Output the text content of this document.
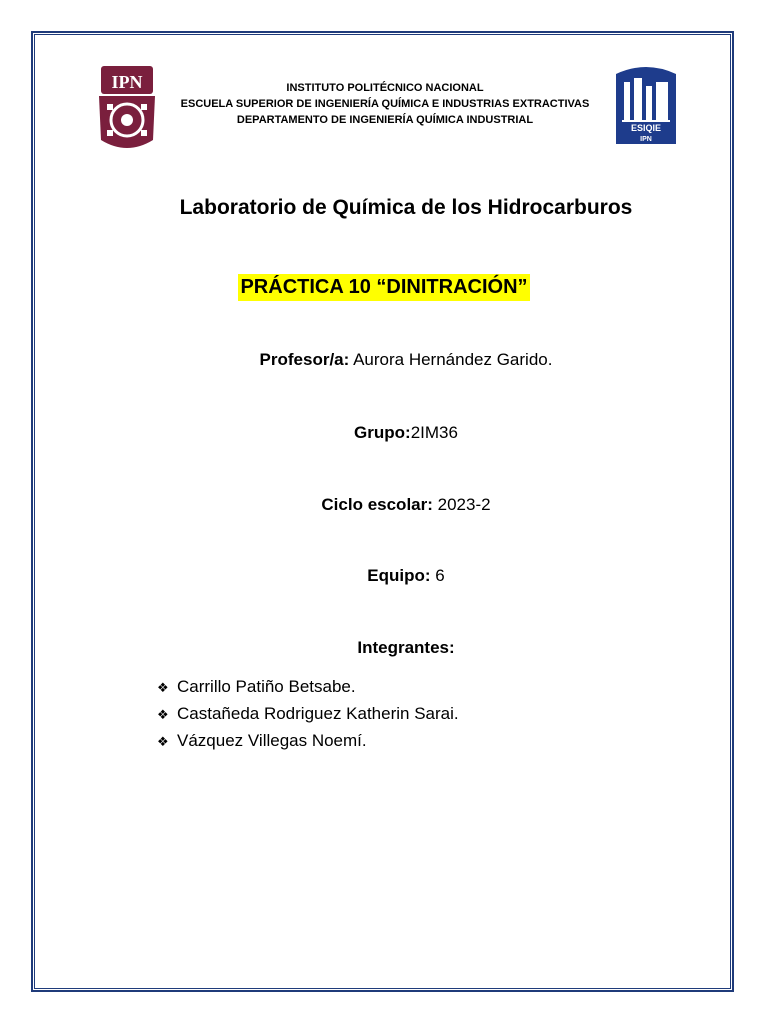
IPN
ESIQIE
IPN
INSTITUTO POLITÉCNICO NACIONAL
ESCUELA SUPERIOR DE INGENIERÍA QUÍMICA E INDUSTRIAS EXTRACTIVAS
DEPARTAMENTO DE INGENIERÍA QUÍMICA INDUSTRIAL
Laboratorio de Química de los Hidrocarburos
PRÁCTICA 10 “DINITRACIÓN”
Profesor/a: Aurora Hernández Garido.
Grupo:2IM36
Ciclo escolar: 2023-2
Equipo: 6
Integrantes:
❖ Carrillo Patiño Betsabe.
❖ Castañeda Rodriguez Katherin Sarai.
❖ Vázquez Villegas Noemí.
